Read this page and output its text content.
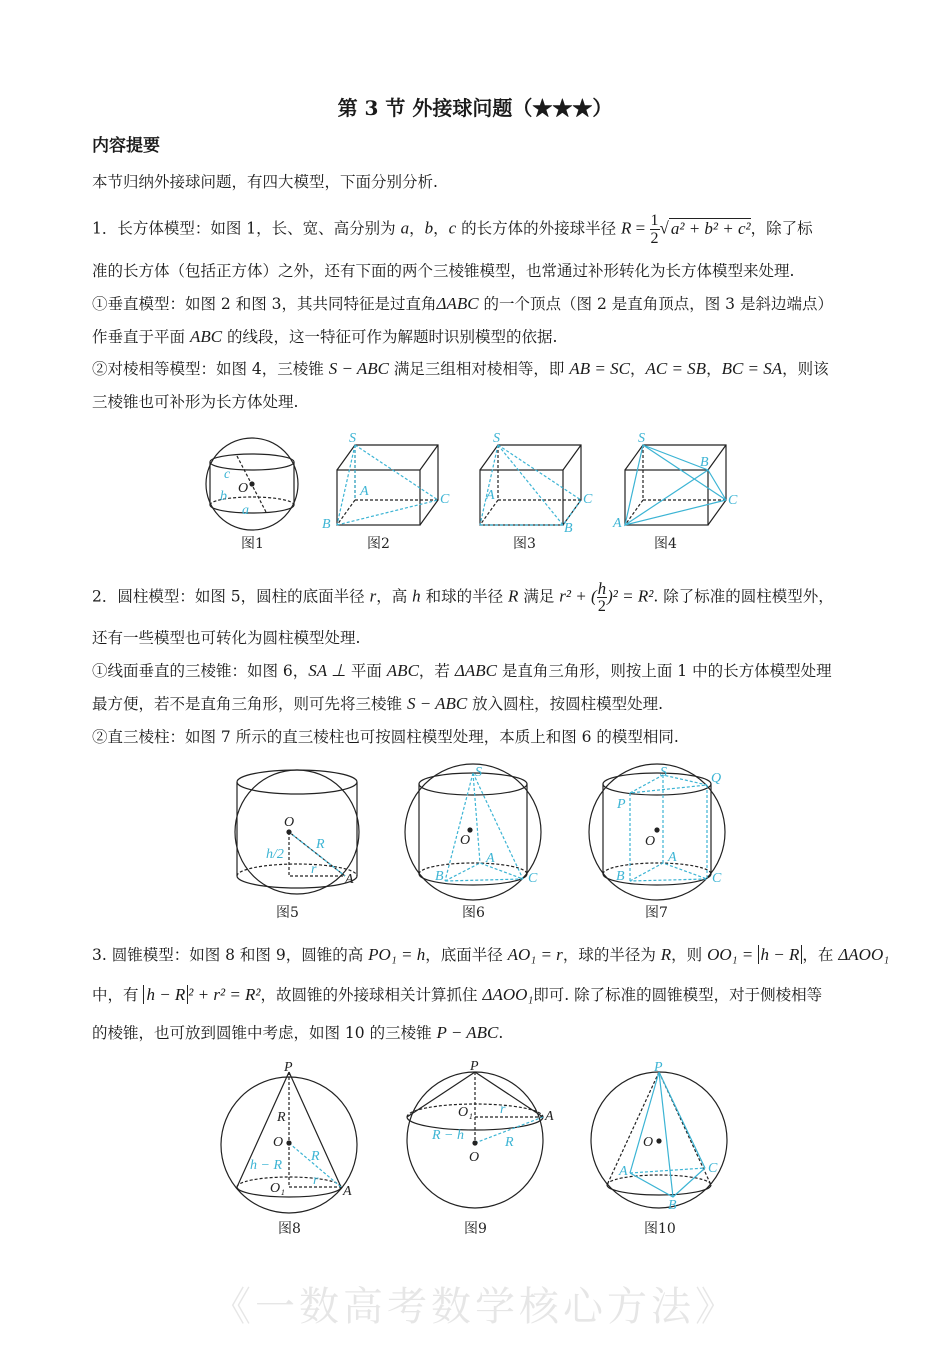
《一数高考数学核心方法》
第 3 节 外接球问题（★★★）
内容提要
本节归纳外接球问题，有四大模型，下面分别分析.
1．长方体模型：如图 1，长、宽、高分别为 a，b，c 的长方体的外接球半径 $R = \frac{1}{2}$ √ a² + b² + c²，除了标
准的长方体（包括正方体）之外，还有下面的两个三棱锥模型，也常通过补形转化为长方体模型来处理.
①垂直模型：如图 2 和图 3，其共同特征是过直角ΔABC 的一个顶点（图 2 是直角顶点，图 3 是斜边端点）
作垂直于平面 ABC 的线段，这一特征可作为解题时识别模型的依据.
②对棱相等模型：如图 4，三棱锥 S − ABC 满足三组相对棱相等，即 AB = SC，AC = SB，BC = SA，则该
三棱锥也可补形为长方体处理.
2．圆柱模型：如图 5，圆柱的底面半径 r，高 h 和球的半径 R 满足 r² + ( $\frac{h}{2} )^2 = R^2$. 除了标准的圆柱模型外，
还有一些模型也可转化为圆柱模型处理.
①线面垂直的三棱锥：如图 6，SA ⊥ 平面 ABC，若 ΔABC 是直角三角形，则按上面 1 中的长方体模型处理
最方便，若不是直角三角形，则可先将三棱锥 S − ABC 放入圆柱，按圆柱模型处理.
②直三棱柱：如图 7 所示的直三棱柱也可按圆柱模型处理，本质上和图 6 的模型相同.
3. 圆锥模型：如图 8 和图 9，圆锥的高 PO₁ = h，底面半径 AO₁ = r，球的半径为 R，则 OO₁ = h − R ，在 ΔAOO₁
中，有 h − R ² + r² = R²，故圆锥的外接球相关计算抓住 ΔAOO₁即可. 除了标准的圆锥模型，对于侧棱相等
的棱锥，也可放到圆锥中考虑，如图 10 的三棱锥 P − ABC.
c
O
b
a
图1
S
A
B
C
图2
S
A
B
C
图3
S
A
B
C
图4
O
R
h/2
r
A
图5
S
O
A
B	C
图6
S	Q
P
O
A
B	C
图7
P
R
O
h − R
R
O₁
r
A
图8
P
O₁ r	A
R − h	R
O
图9
P
O
A
B
C
图10
